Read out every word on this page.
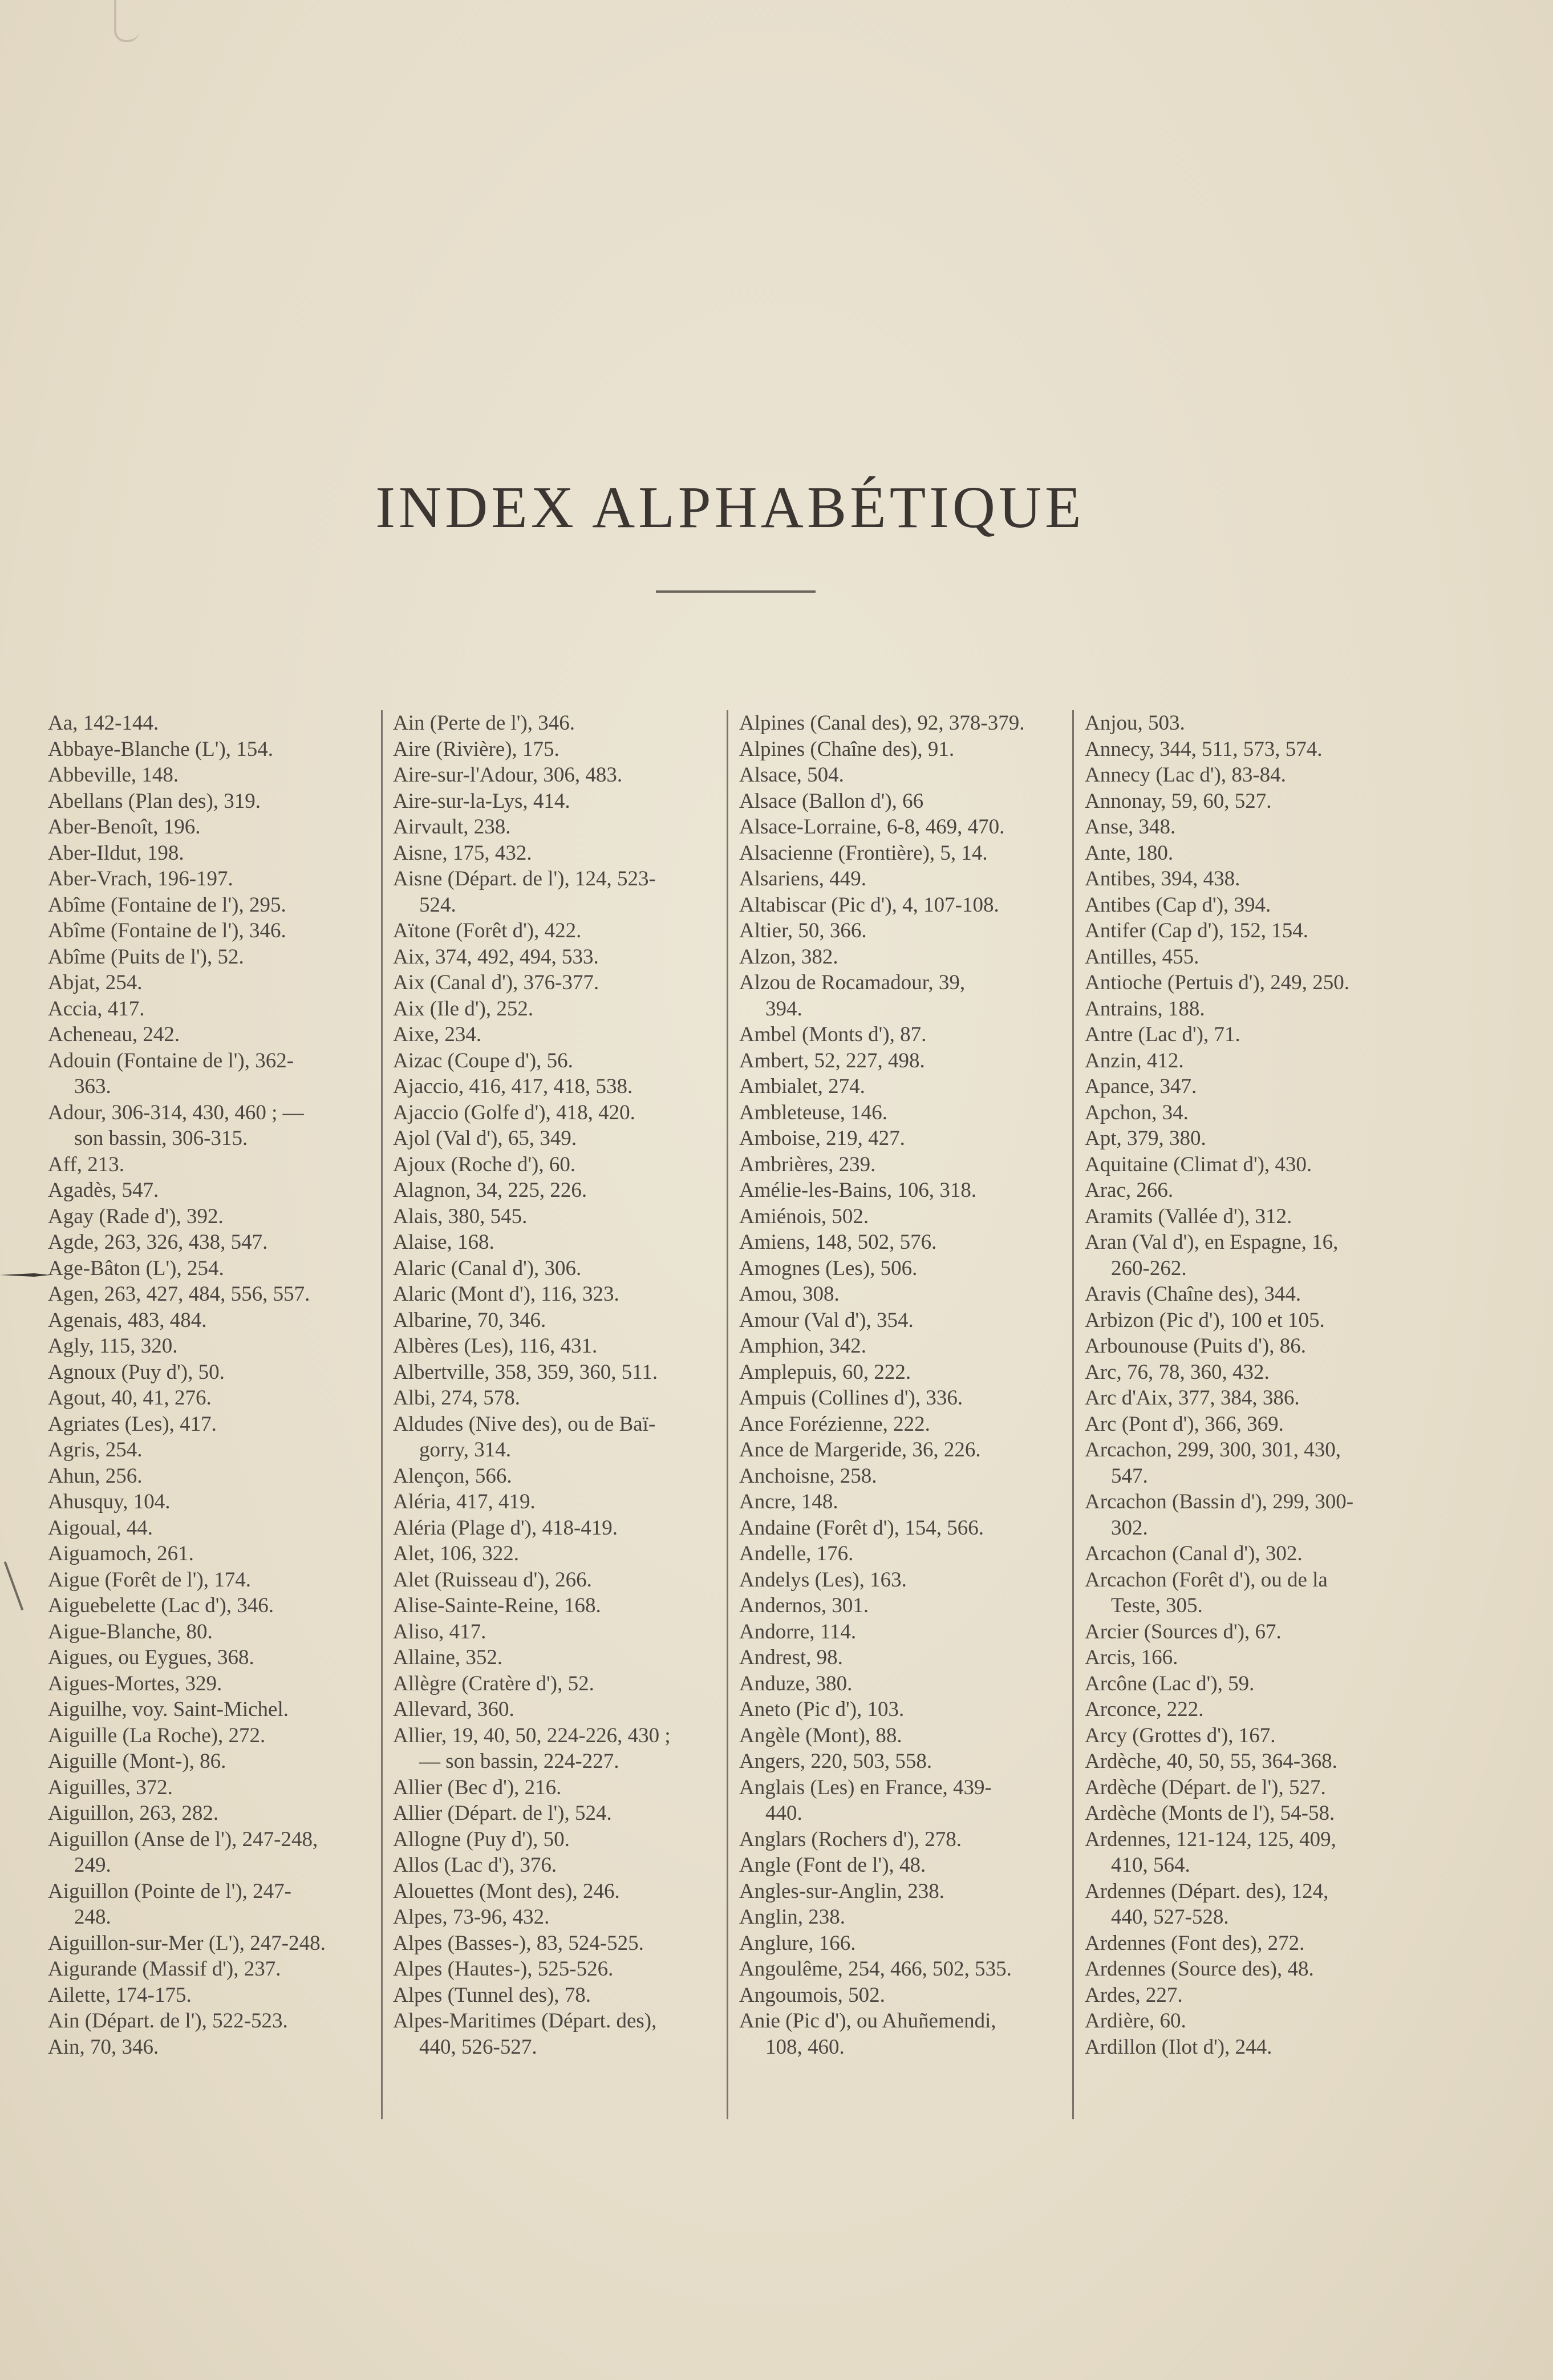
INDEX ALPHABÉTIQUE
Aa, 142-144.
Abbaye-Blanche (L'), 154.
Abbeville, 148.
Abellans (Plan des), 319.
Aber-Benoît, 196.
Aber-Ildut, 198.
Aber-Vrach, 196-197.
Abîme (Fontaine de l'), 295.
Abîme (Fontaine de l'), 346.
Abîme (Puits de l'), 52.
Abjat, 254.
Accia, 417.
Acheneau, 242.
Adouin (Fontaine de l'), 362-
363.
Adour, 306-314, 430, 460 ; —
son bassin, 306-315.
Aff, 213.
Agadès, 547.
Agay (Rade d'), 392.
Agde, 263, 326, 438, 547.
Age-Bâton (L'), 254.
Agen, 263, 427, 484, 556, 557.
Agenais, 483, 484.
Agly, 115, 320.
Agnoux (Puy d'), 50.
Agout, 40, 41, 276.
Agriates (Les), 417.
Agris, 254.
Ahun, 256.
Ahusquy, 104.
Aigoual, 44.
Aiguamoch, 261.
Aigue (Forêt de l'), 174.
Aiguebelette (Lac d'), 346.
Aigue-Blanche, 80.
Aigues, ou Eygues, 368.
Aigues-Mortes, 329.
Aiguilhe, voy. Saint-Michel.
Aiguille (La Roche), 272.
Aiguille (Mont-), 86.
Aiguilles, 372.
Aiguillon, 263, 282.
Aiguillon (Anse de l'), 247-248,
249.
Aiguillon (Pointe de l'), 247-
248.
Aiguillon-sur-Mer (L'), 247-248.
Aigurande (Massif d'), 237.
Ailette, 174-175.
Ain (Départ. de l'), 522-523.
Ain, 70, 346.
Ain (Perte de l'), 346.
Aire (Rivière), 175.
Aire-sur-l'Adour, 306, 483.
Aire-sur-la-Lys, 414.
Airvault, 238.
Aisne, 175, 432.
Aisne (Départ. de l'), 124, 523-
524.
Aïtone (Forêt d'), 422.
Aix, 374, 492, 494, 533.
Aix (Canal d'), 376-377.
Aix (Ile d'), 252.
Aixe, 234.
Aizac (Coupe d'), 56.
Ajaccio, 416, 417, 418, 538.
Ajaccio (Golfe d'), 418, 420.
Ajol (Val d'), 65, 349.
Ajoux (Roche d'), 60.
Alagnon, 34, 225, 226.
Alais, 380, 545.
Alaise, 168.
Alaric (Canal d'), 306.
Alaric (Mont d'), 116, 323.
Albarine, 70, 346.
Albères (Les), 116, 431.
Albertville, 358, 359, 360, 511.
Albi, 274, 578.
Aldudes (Nive des), ou de Baï-
gorry, 314.
Alençon, 566.
Aléria, 417, 419.
Aléria (Plage d'), 418-419.
Alet, 106, 322.
Alet (Ruisseau d'), 266.
Alise-Sainte-Reine, 168.
Aliso, 417.
Allaine, 352.
Allègre (Cratère d'), 52.
Allevard, 360.
Allier, 19, 40, 50, 224-226, 430 ;
— son bassin, 224-227.
Allier (Bec d'), 216.
Allier (Départ. de l'), 524.
Allogne (Puy d'), 50.
Allos (Lac d'), 376.
Alouettes (Mont des), 246.
Alpes, 73-96, 432.
Alpes (Basses-), 83, 524-525.
Alpes (Hautes-), 525-526.
Alpes (Tunnel des), 78.
Alpes-Maritimes (Départ. des),
440, 526-527.
Alpines (Canal des), 92, 378-379.
Alpines (Chaîne des), 91.
Alsace, 504.
Alsace (Ballon d'), 66
Alsace-Lorraine, 6-8, 469, 470.
Alsacienne (Frontière), 5, 14.
Alsariens, 449.
Altabiscar (Pic d'), 4, 107-108.
Altier, 50, 366.
Alzon, 382.
Alzou de Rocamadour, 39,
394.
Ambel (Monts d'), 87.
Ambert, 52, 227, 498.
Ambialet, 274.
Ambleteuse, 146.
Amboise, 219, 427.
Ambrières, 239.
Amélie-les-Bains, 106, 318.
Amiénois, 502.
Amiens, 148, 502, 576.
Amognes (Les), 506.
Amou, 308.
Amour (Val d'), 354.
Amphion, 342.
Amplepuis, 60, 222.
Ampuis (Collines d'), 336.
Ance Forézienne, 222.
Ance de Margeride, 36, 226.
Anchoisne, 258.
Ancre, 148.
Andaine (Forêt d'), 154, 566.
Andelle, 176.
Andelys (Les), 163.
Andernos, 301.
Andorre, 114.
Andrest, 98.
Anduze, 380.
Aneto (Pic d'), 103.
Angèle (Mont), 88.
Angers, 220, 503, 558.
Anglais (Les) en France, 439-
440.
Anglars (Rochers d'), 278.
Angle (Font de l'), 48.
Angles-sur-Anglin, 238.
Anglin, 238.
Anglure, 166.
Angoulême, 254, 466, 502, 535.
Angoumois, 502.
Anie (Pic d'), ou Ahuñemendi,
108, 460.
Anjou, 503.
Annecy, 344, 511, 573, 574.
Annecy (Lac d'), 83-84.
Annonay, 59, 60, 527.
Anse, 348.
Ante, 180.
Antibes, 394, 438.
Antibes (Cap d'), 394.
Antifer (Cap d'), 152, 154.
Antilles, 455.
Antioche (Pertuis d'), 249, 250.
Antrains, 188.
Antre (Lac d'), 71.
Anzin, 412.
Apance, 347.
Apchon, 34.
Apt, 379, 380.
Aquitaine (Climat d'), 430.
Arac, 266.
Aramits (Vallée d'), 312.
Aran (Val d'), en Espagne, 16,
260-262.
Aravis (Chaîne des), 344.
Arbizon (Pic d'), 100 et 105.
Arbounouse (Puits d'), 86.
Arc, 76, 78, 360, 432.
Arc d'Aix, 377, 384, 386.
Arc (Pont d'), 366, 369.
Arcachon, 299, 300, 301, 430,
547.
Arcachon (Bassin d'), 299, 300-
302.
Arcachon (Canal d'), 302.
Arcachon (Forêt d'), ou de la
Teste, 305.
Arcier (Sources d'), 67.
Arcis, 166.
Arcône (Lac d'), 59.
Arconce, 222.
Arcy (Grottes d'), 167.
Ardèche, 40, 50, 55, 364-368.
Ardèche (Départ. de l'), 527.
Ardèche (Monts de l'), 54-58.
Ardennes, 121-124, 125, 409,
410, 564.
Ardennes (Départ. des), 124,
440, 527-528.
Ardennes (Font des), 272.
Ardennes (Source des), 48.
Ardes, 227.
Ardière, 60.
Ardillon (Ilot d'), 244.
